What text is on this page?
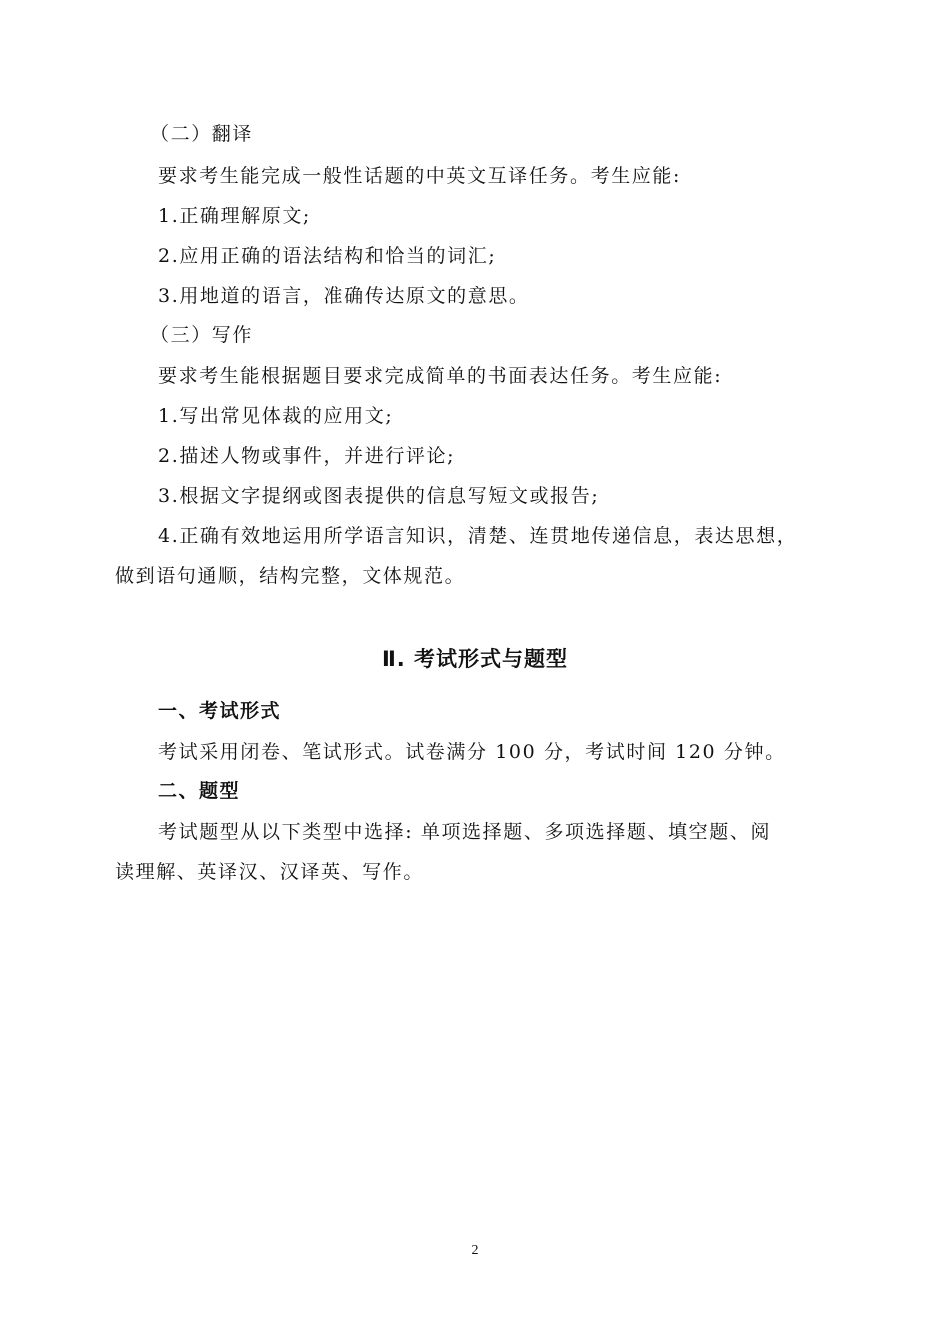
（二）翻译
要求考生能完成一般性话题的中英文互译任务。考生应能:
1.正确理解原文;
2.应用正确的语法结构和恰当的词汇;
3.用地道的语言，准确传达原文的意思。
（三）写作
要求考生能根据题目要求完成简单的书面表达任务。考生应能:
1.写出常见体裁的应用文;
2.描述人物或事件，并进行评论;
3.根据文字提纲或图表提供的信息写短文或报告;
4.正确有效地运用所学语言知识，清楚、连贯地传递信息，表达思想，
做到语句通顺，结构完整，文体规范。
Ⅱ. 考试形式与题型
一、考试形式
考试采用闭卷、笔试形式。试卷满分 100 分，考试时间 120 分钟。
二、题型
考试题型从以下类型中选择: 单项选择题、多项选择题、填空题、阅
读理解、英译汉、汉译英、写作。
2
